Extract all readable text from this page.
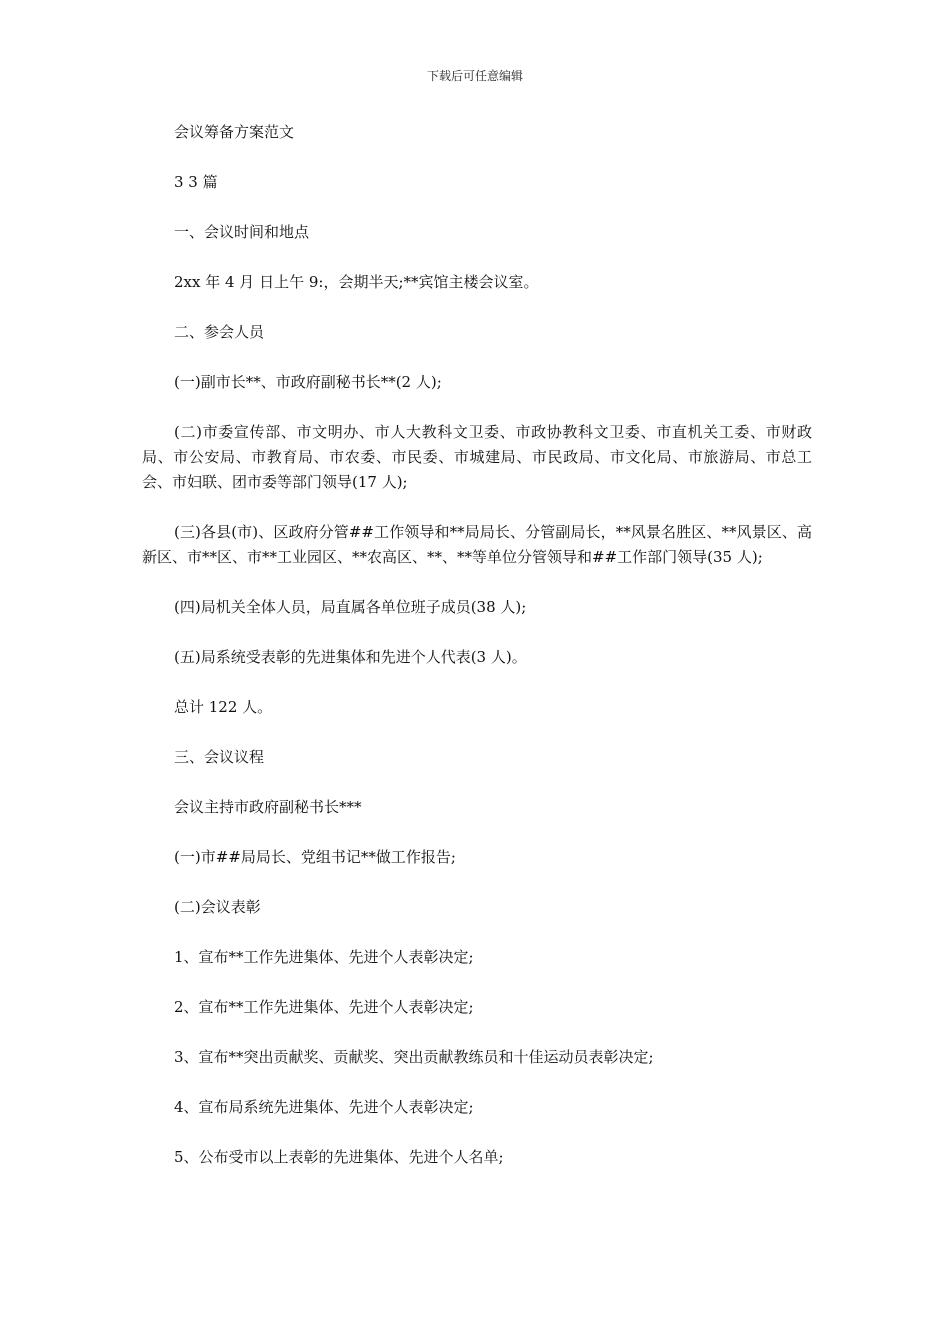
下载后可任意编辑

会议筹备方案范文

3 3 篇

一、会议时间和地点

2xx 年 4 月 日上午 9:，会期半天;**宾馆主楼会议室。

二、参会人员

(一)副市长**、市政府副秘书长**(2 人);

(二)市委宣传部、市文明办、市人大教科文卫委、市政协教科文卫委、市直机关工委、市财政局、市公安局、市教育局、市农委、市民委、市城建局、市民政局、市文化局、市旅游局、市总工会、市妇联、团市委等部门领导(17 人);

(三)各县(市)、区政府分管##工作领导和**局局长、分管副局长，**风景名胜区、**风景区、高新区、市**区、市**工业园区、**农高区、**、**等单位分管领导和##工作部门领导(35 人);

(四)局机关全体人员，局直属各单位班子成员(38 人);

(五)局系统受表彰的先进集体和先进个人代表(3 人)。

总计 122 人。

三、会议议程

会议主持市政府副秘书长***

(一)市##局局长、党组书记**做工作报告;

(二)会议表彰

1、宣布**工作先进集体、先进个人表彰决定;

2、宣布**工作先进集体、先进个人表彰决定;

3、宣布**突出贡献奖、贡献奖、突出贡献教练员和十佳运动员表彰决定;

4、宣布局系统先进集体、先进个人表彰决定;

5、公布受市以上表彰的先进集体、先进个人名单;
